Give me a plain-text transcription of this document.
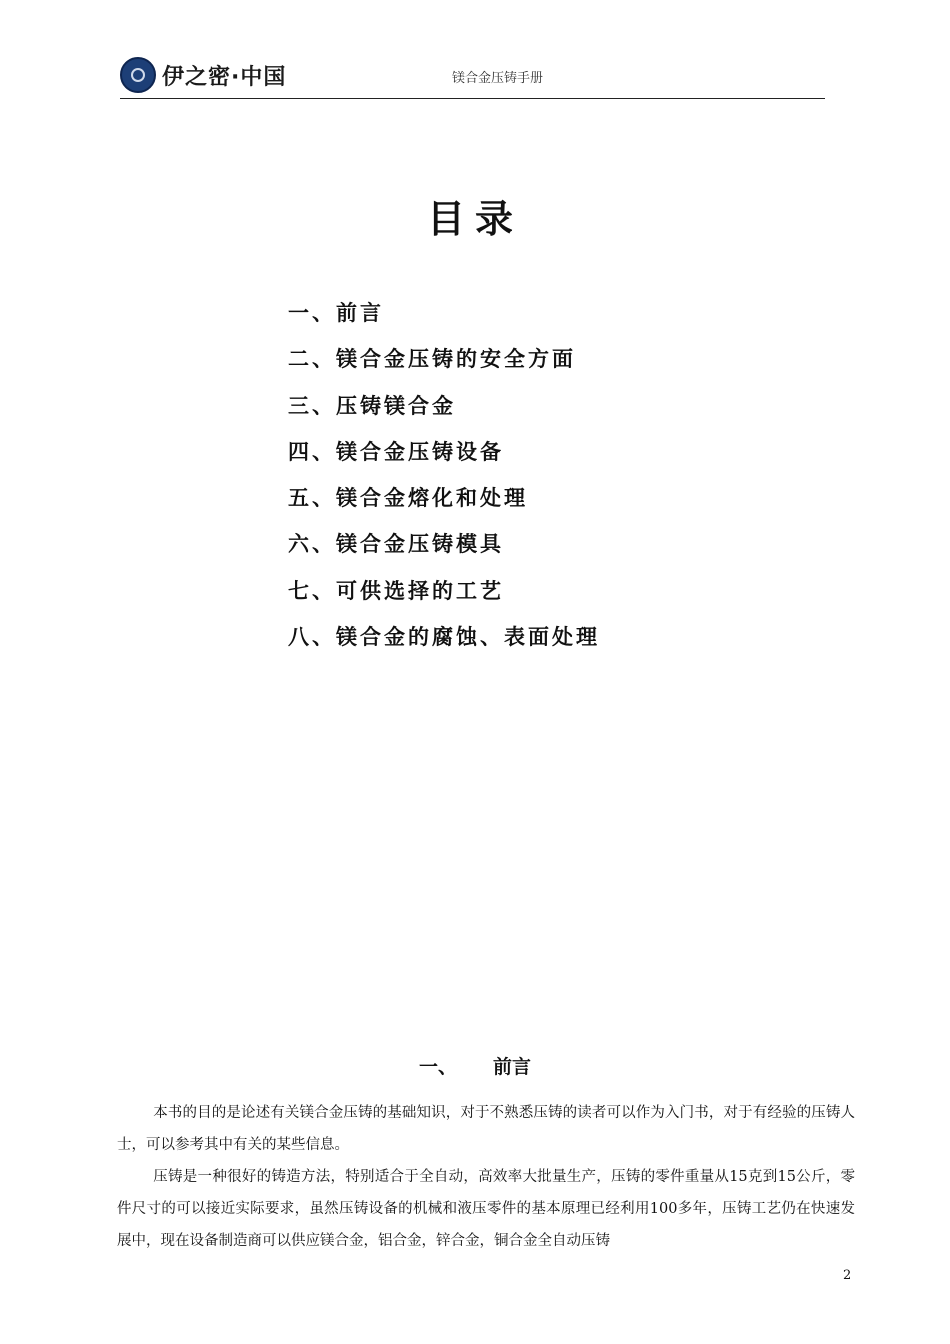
伊之密·中国	镁合金压铸手册
目录
一、前言
二、镁合金压铸的安全方面
三、压铸镁合金
四、镁合金压铸设备
五、镁合金熔化和处理
六、镁合金压铸模具
七、可供选择的工艺
八、镁合金的腐蚀、表面处理
一、 前言

本书的目的是论述有关镁合金压铸的基础知识，对于不熟悉压铸的读者可以作为入门书，对于有经验的压铸人士，可以参考其中有关的某些信息。

压铸是一种很好的铸造方法，特别适合于全自动，高效率大批量生产，压铸的零件重量从15克到15公斤，零件尺寸的可以接近实际要求，虽然压铸设备的机械和液压零件的基本原理已经利用100多年，压铸工艺仍在快速发展中，现在设备制造商可以供应镁合金，铝合金，锌合金，铜合金全自动压铸

2
